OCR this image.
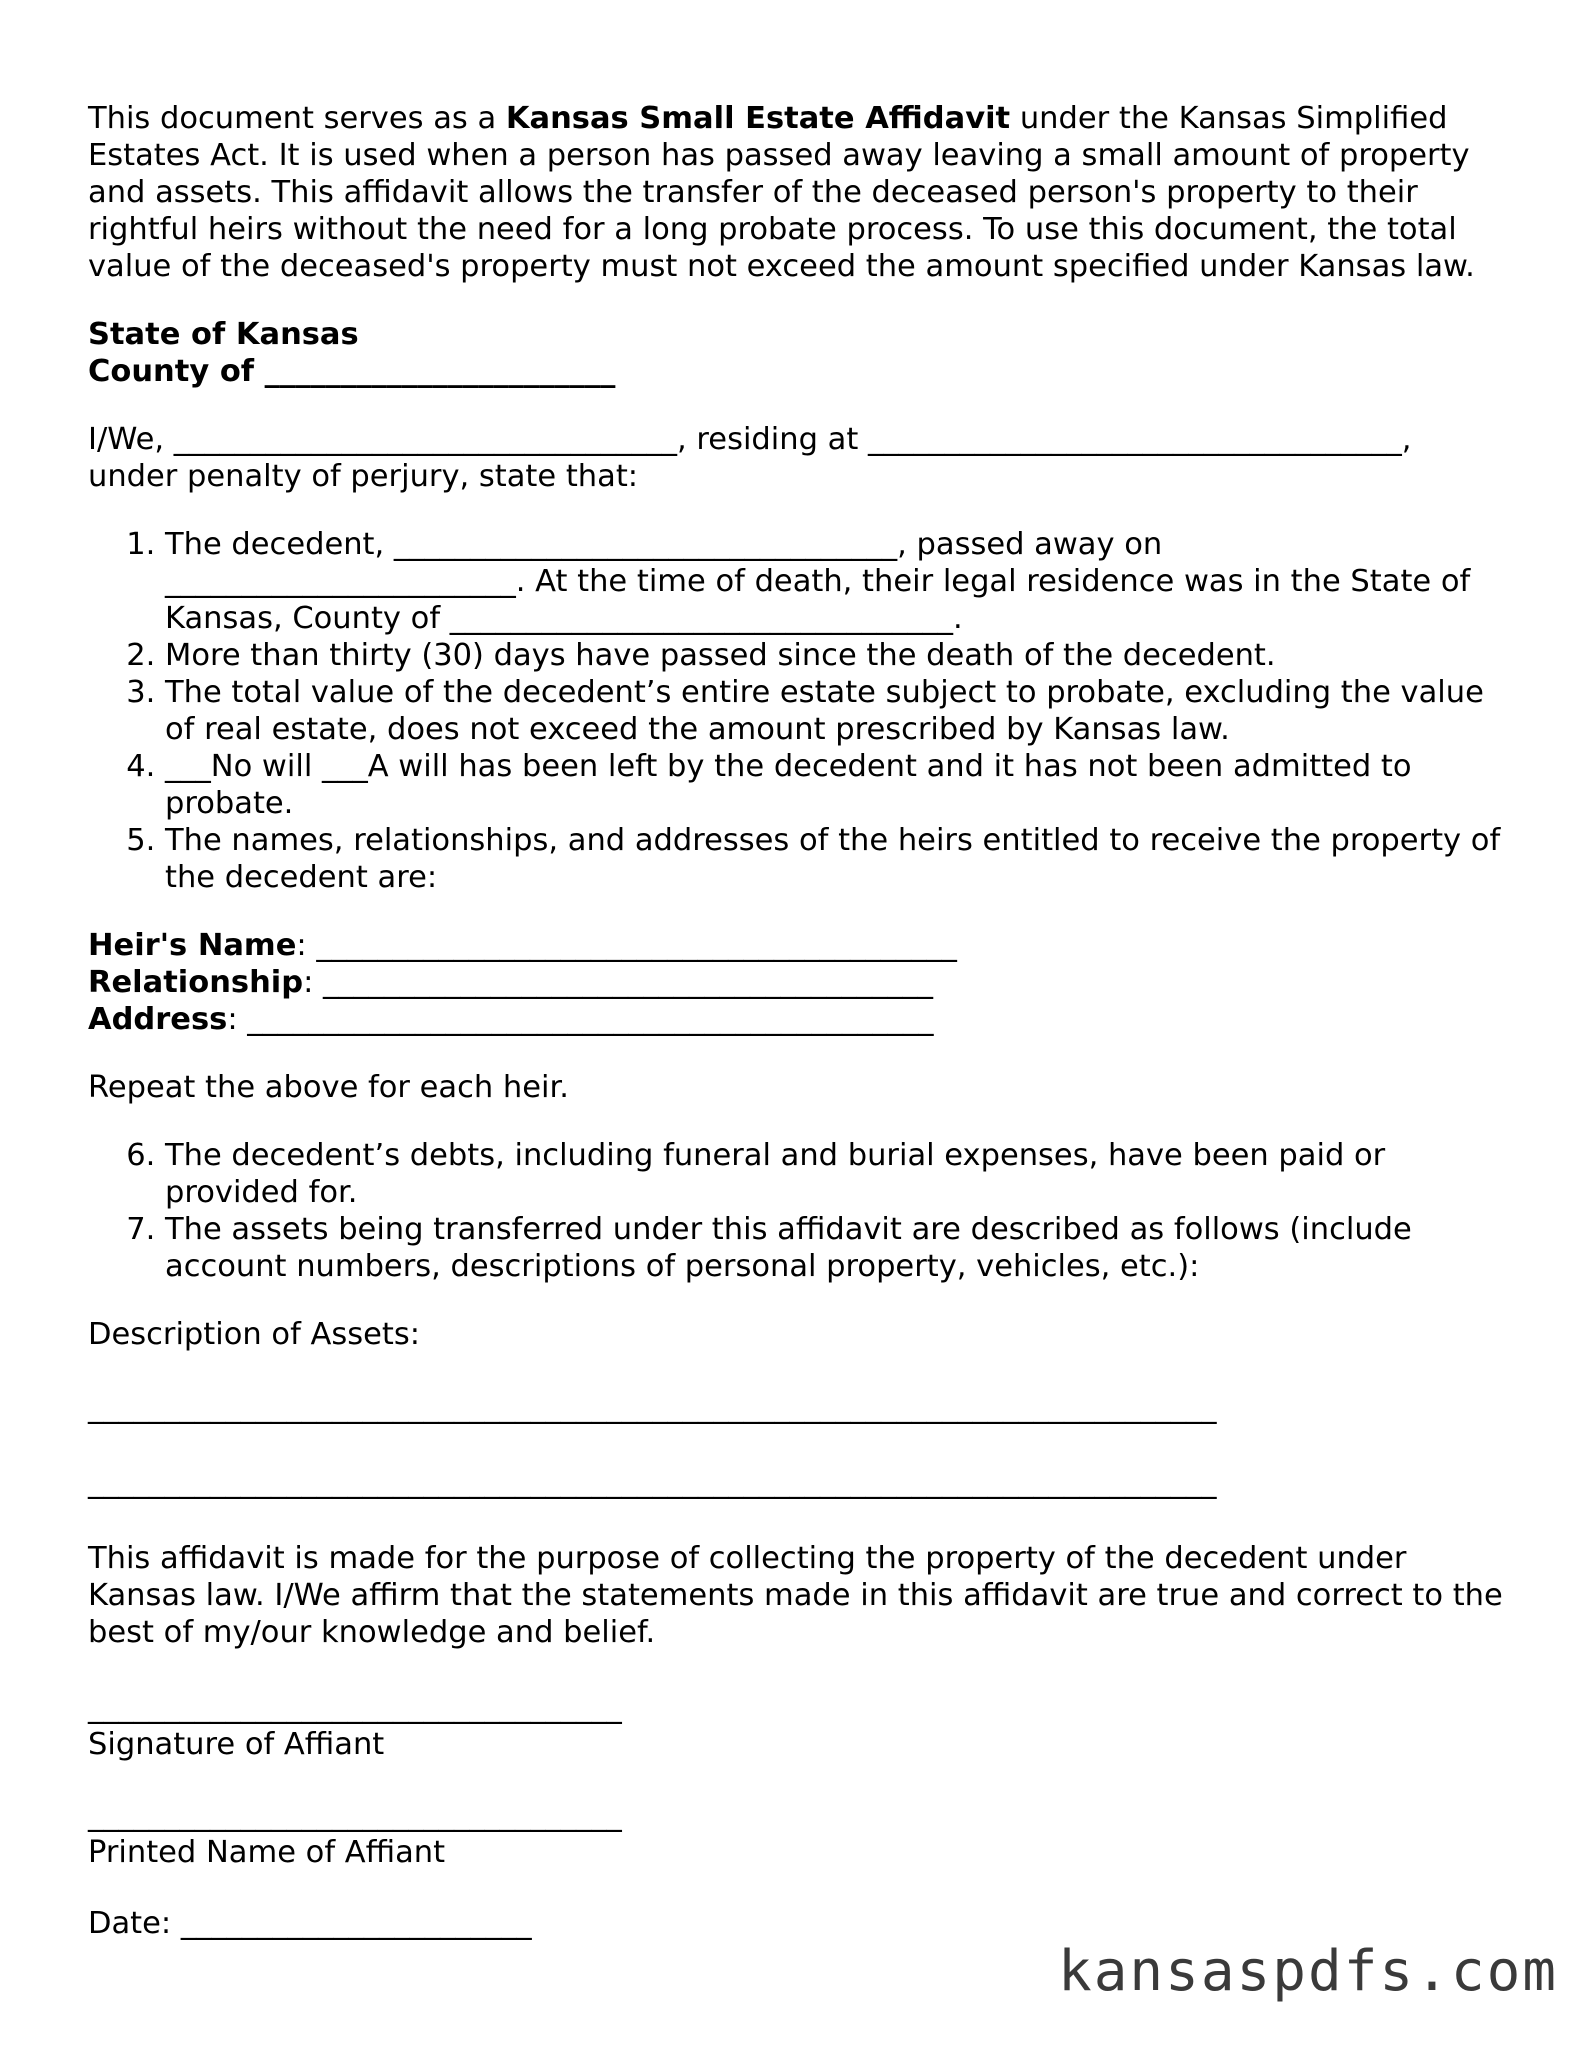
This document serves as a Kansas Small Estate Affidavit under the Kansas Simplified Estates Act. It is used when a person has passed away leaving a small amount of property and assets. This affidavit allows the transfer of the deceased person's property to their rightful heirs without the need for a long probate process. To use this document, the total value of the deceased's property must not exceed the amount specified under Kansas law.

State of Kansas

County of _______________________

I/We, _________________________________, residing at ___________________________________,

under penalty of perjury, state that:

1. The decedent, _________________________________, passed away on _______________________. At the time of death, their legal residence was in the State of Kansas, County of _________________________________.
2. More than thirty (30) days have passed since the death of the decedent.
3. The total value of the decedent’s entire estate subject to probate, excluding the value of real estate, does not exceed the amount prescribed by Kansas law.
4. ___No will ___A will has been left by the decedent and it has not been admitted to probate.
5. The names, relationships, and addresses of the heirs entitled to receive the property of the decedent are:

Heir's Name: __________________________________________

Relationship: ________________________________________

Address: _____________________________________________

Repeat the above for each heir.

6. The decedent’s debts, including funeral and burial expenses, have been paid or provided for.
7. The assets being transferred under this affidavit are described as follows (include account numbers, descriptions of personal property, vehicles, etc.):

Description of Assets:

__________________________________________________________________________

__________________________________________________________________________

This affidavit is made for the purpose of collecting the property of the decedent under Kansas law. I/We affirm that the statements made in this affidavit are true and correct to the best of my/our knowledge and belief.

___________________________________
Signature of Affiant
___________________________________
Printed Name of Affiant

Date: _______________________

kansaspdfs.com
